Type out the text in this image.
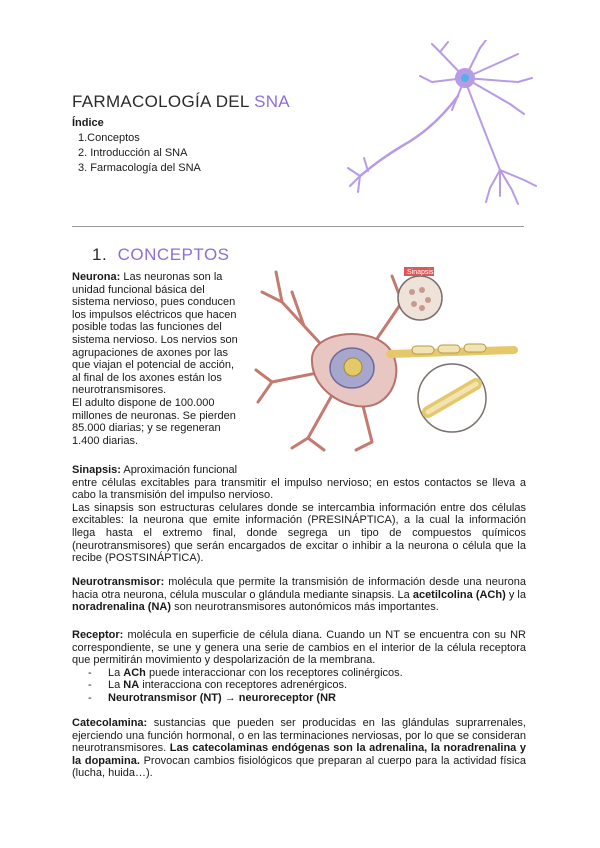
FARMACOLOGÍA DEL SNA
Índice
1.Conceptos
2. Introducción al SNA
3. Farmacología del SNA
1. CONCEPTOS
Sinapsis

Neurona: Las neuronas son la

unidad funcional básica del

sistema nervioso, pues conducen

los impulsos eléctricos que hacen

posible todas las funciones del

sistema nervioso. Los nervios son

agrupaciones de axones por las

que viajan el potencial de acción,

al final de los axones están los

neurotransmisores.

El adulto dispone de 100.000

millones de neuronas. Se pierden

85.000 diarias; y se regeneran

1.400 diarias.

Sinapsis: Aproximación funcional

entre células excitables para transmitir el impulso nervioso; en estos contactos se lleva a cabo la transmisión del impulso nervioso.

Las sinapsis son estructuras celulares donde se intercambia información entre dos células excitables: la neurona que emite información (PRESINÁPTICA), a la cual la información llega hasta el extremo final, donde segrega un tipo de compuestos químicos (neurotransmisores) que serán encargados de excitar o inhibir a la neurona o célula que la recibe (POSTSINÁPTICA).

Neurotransmisor: molécula que permite la transmisión de información desde una neurona hacia otra neurona, célula muscular o glándula mediante sinapsis. La acetilcolina (ACh) y la noradrenalina (NA) son neurotransmisores autonómicos más importantes.

Receptor: molécula en superficie de célula diana. Cuando un NT se encuentra con su NR correspondiente, se une y genera una serie de cambios en el interior de la célula receptora que permitirán movimiento y despolarización de la membrana.

- La ACh puede interaccionar con los receptores colinérgicos.
- La NA interacciona con receptores adrenérgicos.
- Neurotransmisor (NT) → neuroreceptor (NR

Catecolamina: sustancias que pueden ser producidas en las glándulas suprarrenales, ejerciendo una función hormonal, o en las terminaciones nerviosas, por lo que se consideran neurotransmisores. Las catecolaminas endógenas son la adrenalina, la noradrenalina y la dopamina. Provocan cambios fisiológicos que preparan al cuerpo para la actividad física (lucha, huida…).
